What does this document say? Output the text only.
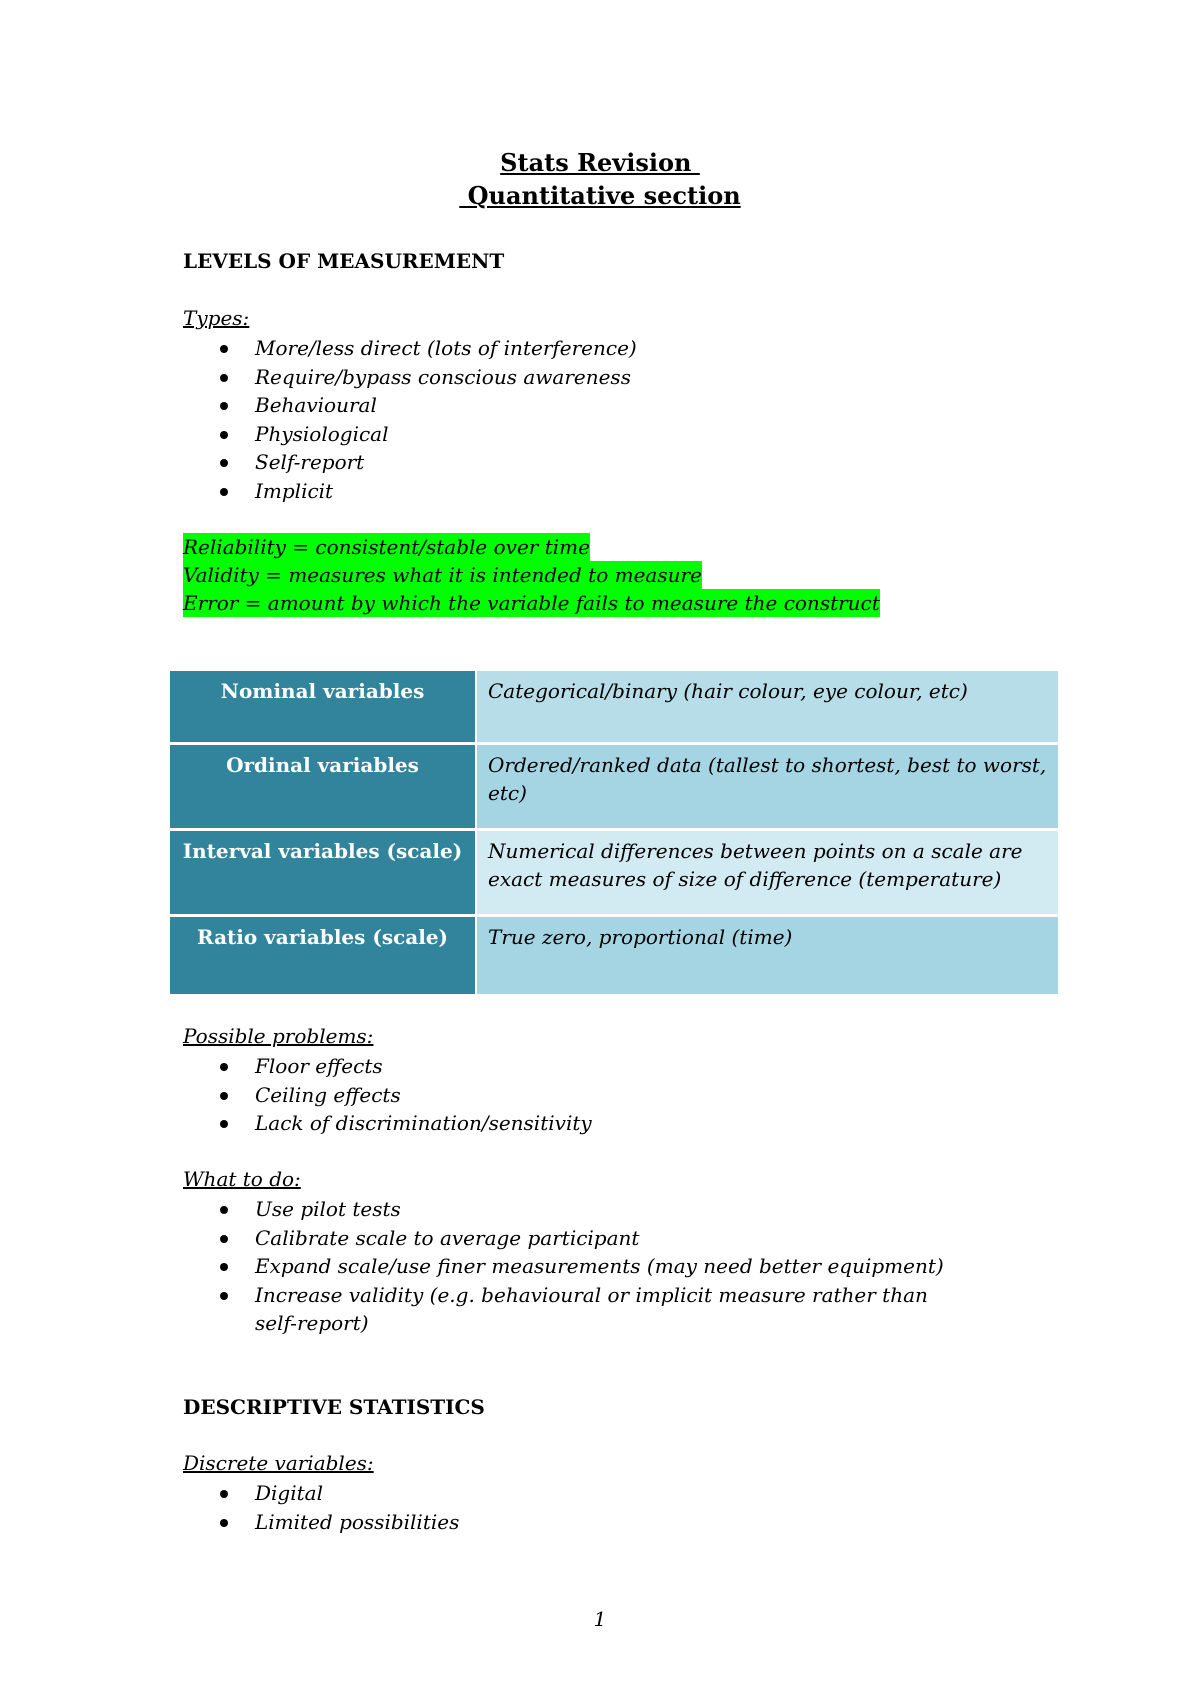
Stats Revision
Quantitative section
LEVELS OF MEASUREMENT
Types:
More/less direct (lots of interference)
Require/bypass conscious awareness
Behavioural
Physiological
Self-report
Implicit
Reliability = consistent/stable over time
Validity = measures what it is intended to measure
Error = amount by which the variable fails to measure the construct
Nominal variables	Categorical/binary (hair colour, eye colour, etc)
Ordinal variables	Ordered/ranked data (tallest to shortest, best to worst, etc)
Interval variables (scale)	Numerical differences between points on a scale are exact measures of size of difference (temperature)
Ratio variables (scale)	True zero, proportional (time)
Possible problems:
Floor effects
Ceiling effects
Lack of discrimination/sensitivity
What to do:
Use pilot tests
Calibrate scale to average participant
Expand scale/use finer measurements (may need better equipment)
Increase validity (e.g. behavioural or implicit measure rather than self-report)
DESCRIPTIVE STATISTICS
Discrete variables:
Digital
Limited possibilities
1
